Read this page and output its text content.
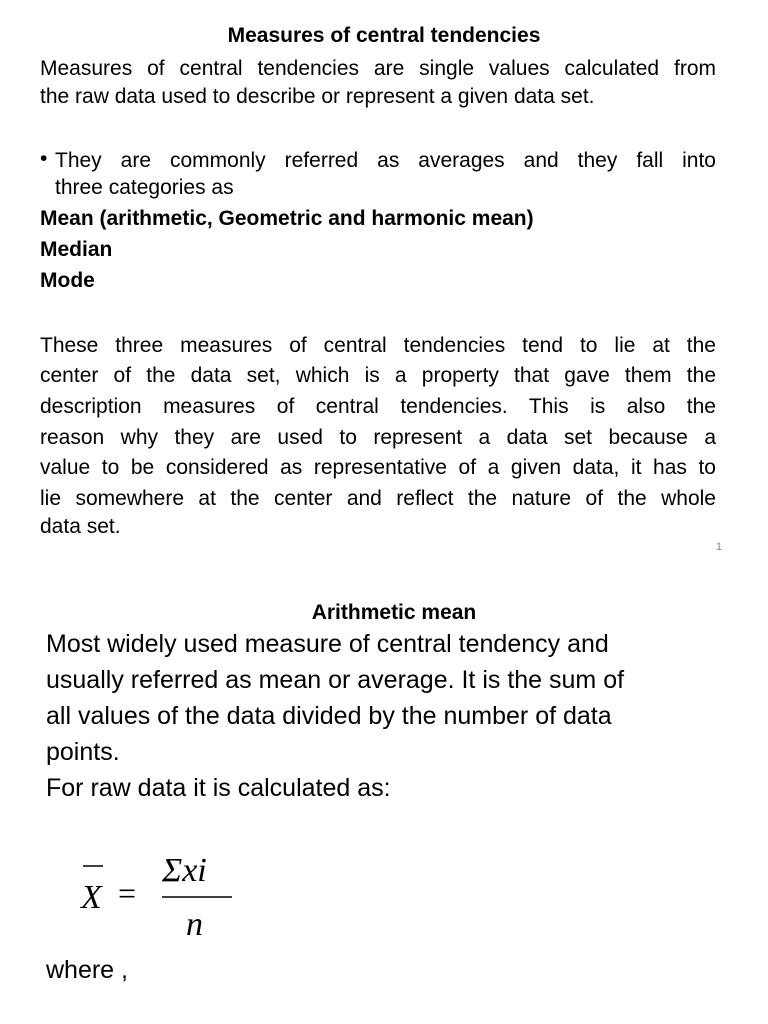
Measures of central tendencies
Measures of central tendencies are single values calculated from
the raw data used to describe or represent a given data set.
• They are commonly referred as averages and they fall into
three categories as
Mean (arithmetic, Geometric and harmonic mean)
Median
Mode
These three measures of central tendencies tend to lie at the
center of the data set, which is a property that gave them the
description measures of central tendencies. This is also the
reason why they are used to represent a data set because a
value to be considered as representative of a given data, it has to
lie somewhere at the center and reflect the nature of the whole
data set.
1
Arithmetic mean
Most widely used measure of central tendency and
usually referred as mean or average. It is the sum of
all values of the data divided by the number of data
points.
For raw data it is calculated as:
X =
Σxi
n
where ,
